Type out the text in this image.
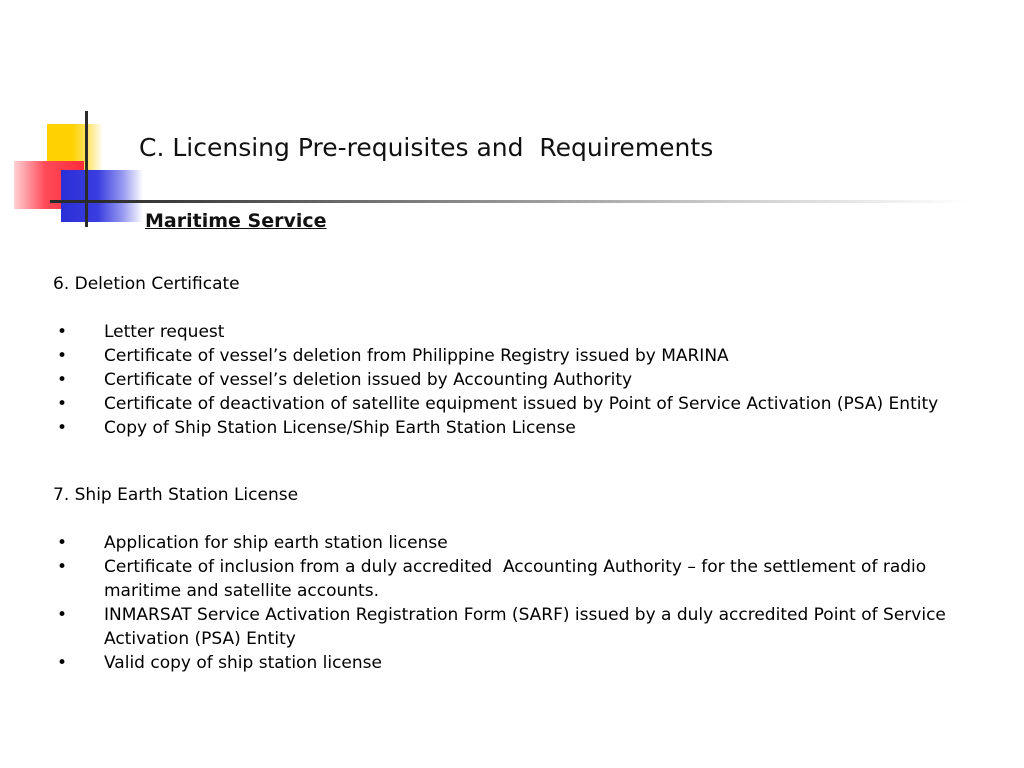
C. Licensing Pre-requisites and  Requirements
Maritime Service

6. Deletion Certificate

• Letter request
• Certificate of vessel’s deletion from Philippine Registry issued by MARINA
• Certificate of vessel’s deletion issued by Accounting Authority
• Certificate of deactivation of satellite equipment issued by Point of Service Activation (PSA) Entity
• Copy of Ship Station License/Ship Earth Station License

7. Ship Earth Station License

• Application for ship earth station license
• Certificate of inclusion from a duly accredited  Accounting Authority – for the settlement of radio maritime and satellite accounts.
• INMARSAT Service Activation Registration Form (SARF) issued by a duly accredited Point of Service Activation (PSA) Entity
• Valid copy of ship station license
